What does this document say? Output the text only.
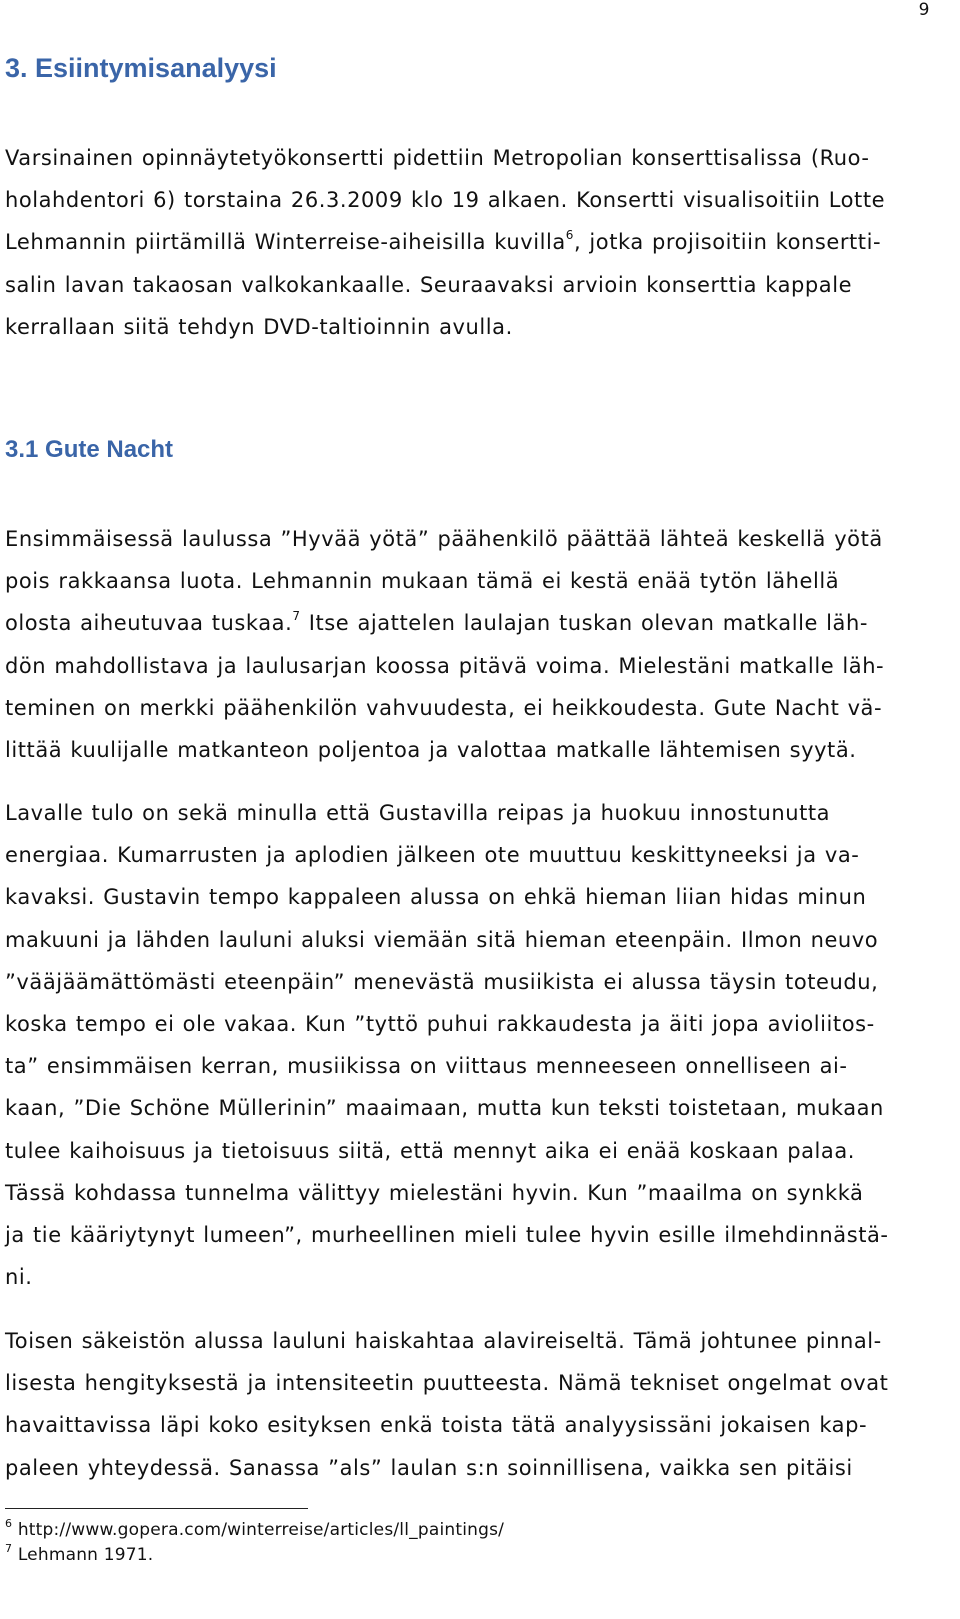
9
3. Esiintymisanalyysi

Varsinainen opinnäytetyökonsertti pidettiin Metropolian konserttisalissa (Ruo-
holahdentori 6) torstaina 26.3.2009 klo 19 alkaen. Konsertti visualisoitiin Lotte
Lehmannin piirtämillä Winterreise-aiheisilla kuvilla$^6$, jotka projisoitiin konsertti-
salin lavan takaosan valkokankaalle. Seuraavaksi arvioin konserttia kappale
kerrallaan siitä tehdyn DVD-taltioinnin avulla.

3.1 Gute Nacht

Ensimmäisessä laulussa ”Hyvää yötä” päähenkilö päättää lähteä keskellä yötä
pois rakkaansa luota. Lehmannin mukaan tämä ei kestä enää tytön lähellä
olosta aiheutuvaa tuskaa.$^7$ Itse ajattelen laulajan tuskan olevan matkalle läh-
dön mahdollistava ja laulusarjan koossa pitävä voima. Mielestäni matkalle läh-
teminen on merkki päähenkilön vahvuudesta, ei heikkoudesta. Gute Nacht vä-
littää kuulijalle matkanteon poljentoa ja valottaa matkalle lähtemisen syytä.

Lavalle tulo on sekä minulla että Gustavilla reipas ja huokuu innostunutta
energiaa. Kumarrusten ja aplodien jälkeen ote muuttuu keskittyneeksi ja va-
kavaksi. Gustavin tempo kappaleen alussa on ehkä hieman liian hidas minun
makuuni ja lähden lauluni aluksi viemään sitä hieman eteenpäin. Ilmon neuvo
”vääjäämättömästi eteenpäin” menevästä musiikista ei alussa täysin toteudu,
koska tempo ei ole vakaa. Kun ”tyttö puhui rakkaudesta ja äiti jopa avioliitos-
ta” ensimmäisen kerran, musiikissa on viittaus menneeseen onnelliseen ai-
kaan, ”Die Schöne Müllerinin” maaimaan, mutta kun teksti toistetaan, mukaan
tulee kaihoisuus ja tietoisuus siitä, että mennyt aika ei enää koskaan palaa.
Tässä kohdassa tunnelma välittyy mielestäni hyvin. Kun ”maailma on synkkä
ja tie kääriytynyt lumeen”, murheellinen mieli tulee hyvin esille ilmehdinnästä-
ni.

Toisen säkeistön alussa lauluni haiskahtaa alavireiseltä. Tämä johtunee pinnal-
lisesta hengityksestä ja intensiteetin puutteesta. Nämä tekniset ongelmat ovat
havaittavissa läpi koko esityksen enkä toista tätä analyysissäni jokaisen kap-
paleen yhteydessä. Sanassa ”als” laulan s:n soinnillisena, vaikka sen pitäisi

$^6$ http://www.gopera.com/winterreise/articles/ll_paintings/
$^7$ Lehmann 1971.
